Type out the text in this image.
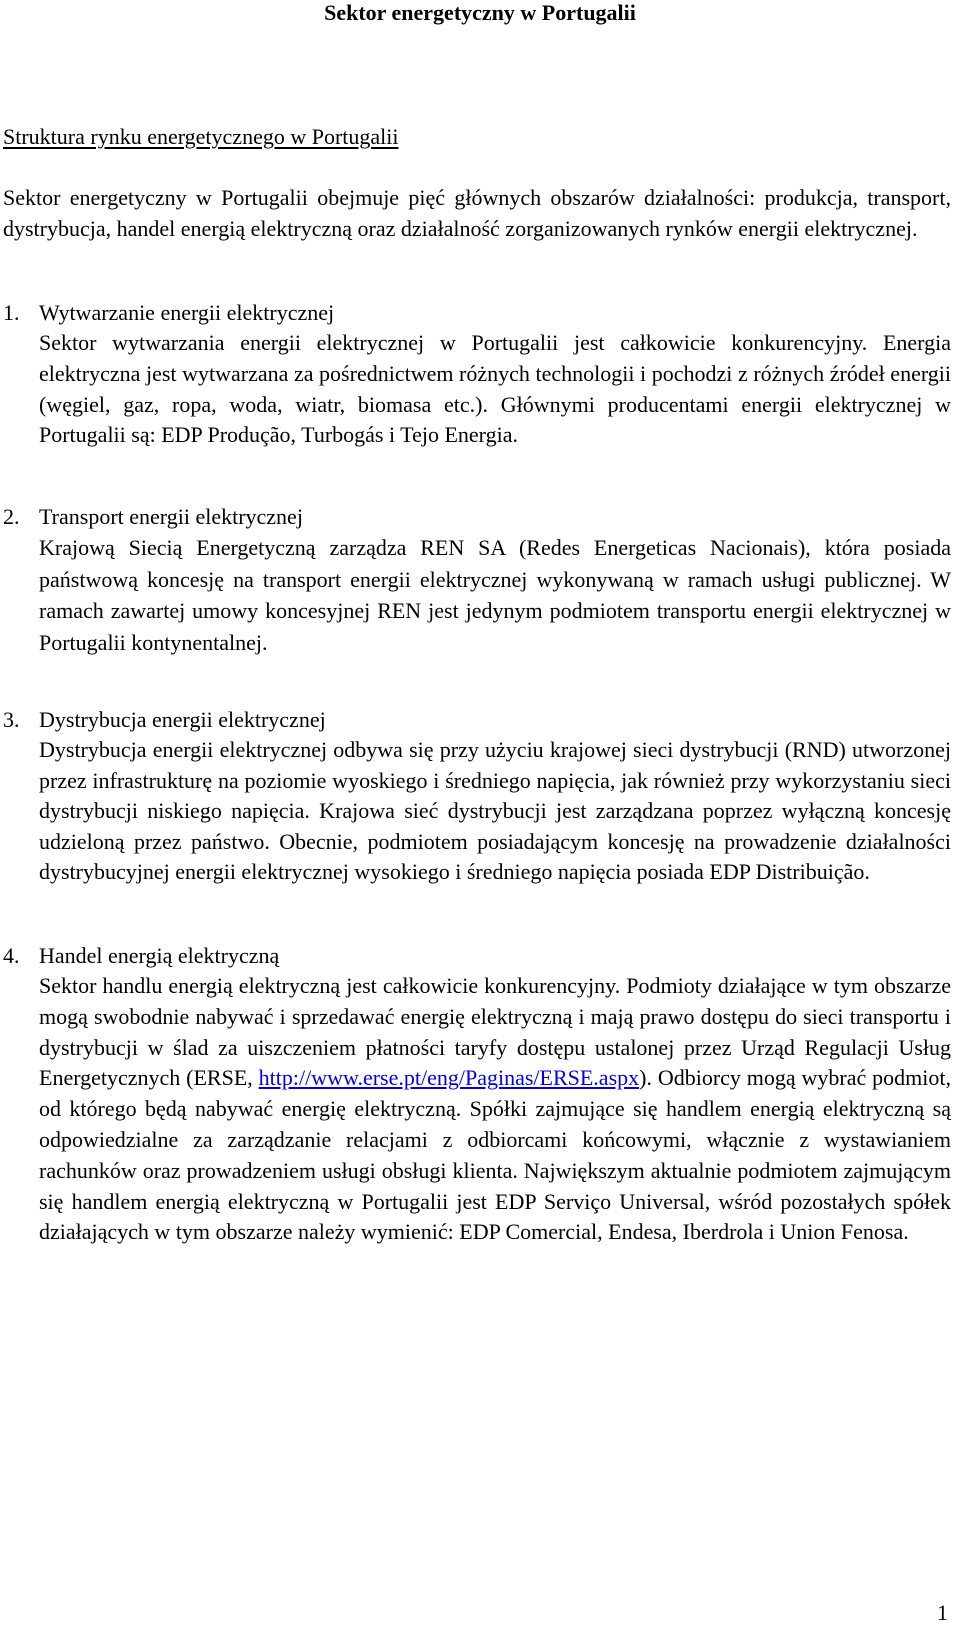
Sektor energetyczny w Portugalii
Struktura rynku energetycznego w Portugalii
Sektor energetyczny w Portugalii obejmuje pięć głównych obszarów działalności: produkcja, transport, dystrybucja, handel energią elektryczną oraz działalność zorganizowanych rynków energii elektrycznej.
1. Wytwarzanie energii elektrycznej
Sektor wytwarzania energii elektrycznej w Portugalii jest całkowicie konkurencyjny. Energia elektryczna jest wytwarzana za pośrednictwem różnych technologii i pochodzi z różnych źródeł energii (węgiel, gaz, ropa, woda, wiatr, biomasa etc.). Głównymi producentami energii elektrycznej w Portugalii są: EDP Produção, Turbogás i Tejo Energia.
2. Transport energii elektrycznej
Krajową Siecią Energetyczną zarządza REN SA (Redes Energeticas Nacionais), która posiada państwową koncesję na transport energii elektrycznej wykonywaną w ramach usługi publicznej. W ramach zawartej umowy koncesyjnej REN jest jedynym podmiotem transportu energii elektrycznej w Portugalii kontynentalnej.
3. Dystrybucja energii elektrycznej
Dystrybucja energii elektrycznej odbywa się przy użyciu krajowej sieci dystrybucji (RND) utworzonej przez infrastrukturę na poziomie wyoskiego i średniego napięcia, jak również przy wykorzystaniu sieci dystrybucji niskiego napięcia. Krajowa sieć dystrybucji jest zarządzana poprzez wyłączną koncesję udzieloną przez państwo. Obecnie, podmiotem posiadającym koncesję na prowadzenie działalności dystrybucyjnej energii elektrycznej wysokiego i średniego napięcia posiada EDP Distribuição.
4. Handel energią elektryczną
Sektor handlu energią elektryczną jest całkowicie konkurencyjny. Podmioty działające w tym obszarze mogą swobodnie nabywać i sprzedawać energię elektryczną i mają prawo dostępu do sieci transportu i dystrybucji w ślad za uiszczeniem płatności taryfy dostępu ustalonej przez Urząd Regulacji Usług Energetycznych (ERSE, http://www.erse.pt/eng/Paginas/ERSE.aspx). Odbiorcy mogą wybrać podmiot, od którego będą nabywać energię elektryczną. Spółki zajmujące się handlem energią elektryczną są odpowiedzialne za zarządzanie relacjami z odbiorcami końcowymi, włącznie z wystawianiem rachunków oraz prowadzeniem usługi obsługi klienta. Największym aktualnie podmiotem zajmującym się handlem energią elektryczną w Portugalii jest EDP Serviço Universal, wśród pozostałych spółek działających w tym obszarze należy wymienić: EDP Comercial, Endesa, Iberdrola i Union Fenosa.
1
